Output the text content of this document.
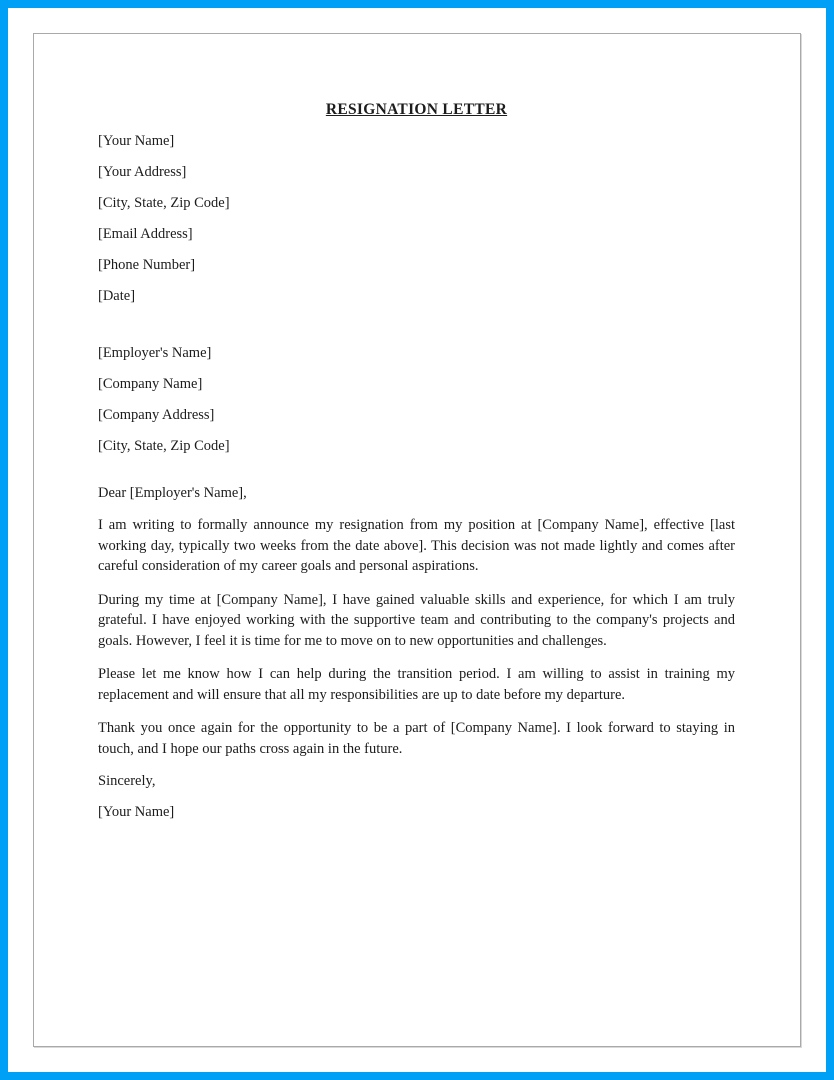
RESIGNATION LETTER

[Your Name]

[Your Address]

[City, State, Zip Code]

[Email Address]

[Phone Number]

[Date]

[Employer's Name]

[Company Name]

[Company Address]

[City, State, Zip Code]

Dear [Employer's Name],

I am writing to formally announce my resignation from my position at [Company Name], effective [last working day, typically two weeks from the date above]. This decision was not made lightly and comes after careful consideration of my career goals and personal aspirations.

During my time at [Company Name], I have gained valuable skills and experience, for which I am truly grateful. I have enjoyed working with the supportive team and contributing to the company's projects and goals. However, I feel it is time for me to move on to new opportunities and challenges.

Please let me know how I can help during the transition period. I am willing to assist in training my replacement and will ensure that all my responsibilities are up to date before my departure.

Thank you once again for the opportunity to be a part of [Company Name]. I look forward to staying in touch, and I hope our paths cross again in the future.

Sincerely,

[Your Name]
